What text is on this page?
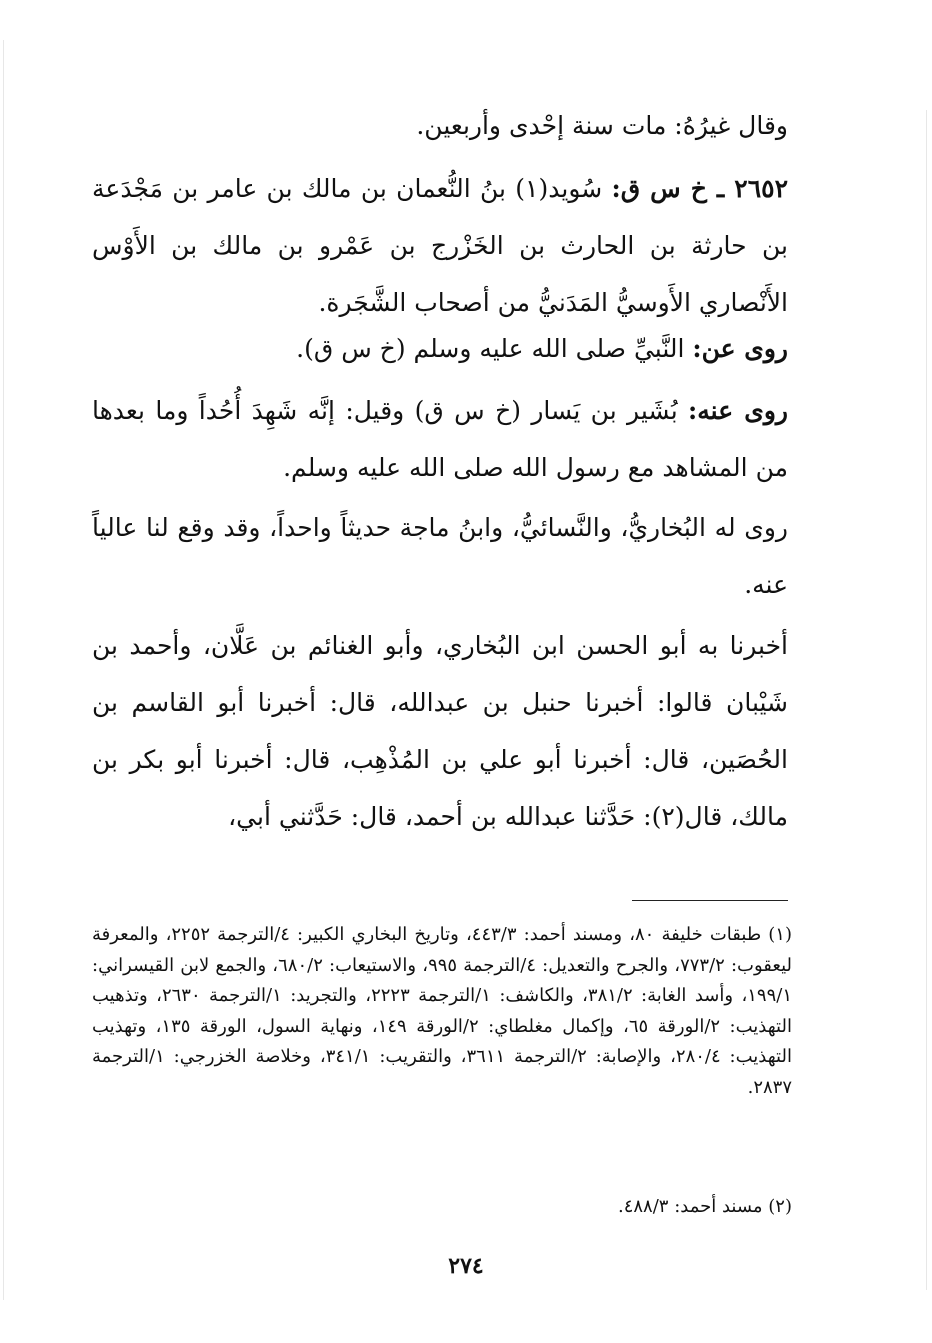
وقال غيرُهُ: مات سنة إحْدى وأربعين.

٢٦٥٢ ـ خ س ق: سُويد(١) بنُ النُّعمان بن مالك بن عامر بن مَجْدَعة بن حارثة بن الحارث بن الخَزْرج بن عَمْرو بن مالك بن الأَوْس الأَنْصاري الأَوسيُّ المَدَنيُّ من أصحاب الشَّجَرة.

روى عن: النَّبيِّ صلى الله عليه وسلم (خ س ق).

روى عنه: بُشَير بن يَسار (خ س ق) وقيل: إنَّه شَهِدَ أُحُداً وما بعدها من المشاهد مع رسول الله صلى الله عليه وسلم.

روى له البُخاريُّ، والنَّسائيُّ، وابنُ ماجة حديثاً واحداً، وقد وقع لنا عالياً عنه.

أخبرنا به أبو الحسن ابن البُخاري، وأبو الغنائم بن عَلَّان، وأحمد بن شَيْبان قالوا: أخبرنا حنبل بن عبدالله، قال: أخبرنا أبو القاسم بن الحُصَين، قال: أخبرنا أبو علي بن المُذْهِب، قال: أخبرنا أبو بكر بن مالك، قال(٢): حَدَّثنا عبدالله بن أحمد، قال: حَدَّثني أبي،

(١) طبقات خليفة ٨٠، ومسند أحمد: ٤٤٣/٣، وتاريخ البخاري الكبير: ٤/الترجمة ٢٢٥٢، والمعرفة ليعقوب: ٧٧٣/٢، والجرح والتعديل: ٤/الترجمة ٩٩٥، والاستيعاب: ٦٨٠/٢، والجمع لابن القيسراني: ١٩٩/١، وأسد الغابة: ٣٨١/٢، والكاشف: ١/الترجمة ٢٢٢٣، والتجريد: ١/الترجمة ٢٦٣٠، وتذهيب التهذيب: ٢/الورقة ٦٥، وإكمال مغلطاي: ٢/الورقة ١٤٩، ونهاية السول، الورقة ١٣٥، وتهذيب التهذيب: ٢٨٠/٤، والإصابة: ٢/الترجمة ٣٦١١، والتقريب: ٣٤١/١، وخلاصة الخزرجي: ١/الترجمة ٢٨٣٧.
(٢) مسند أحمد: ٤٨٨/٣.
٢٧٤
